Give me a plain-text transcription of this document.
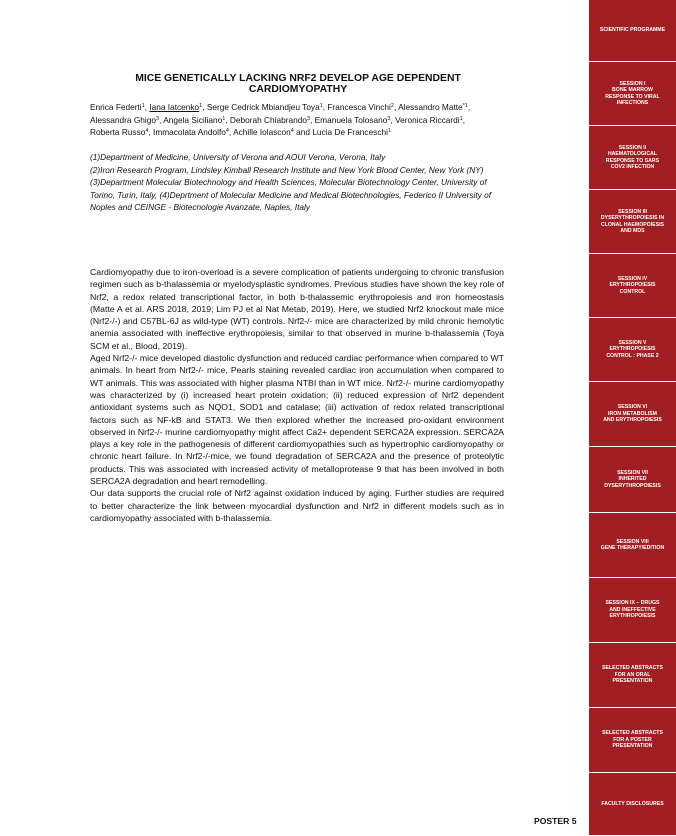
MICE GENETICALLY LACKING NRF2 DEVELOP AGE DEPENDENT CARDIOMYOPATHY
Enrica Federti$^1$, Iana Iatcenko$^1$, Serge Cedrick Mbiandjeu Toya$^1$, Francesca Vinchi$^2$, Alessandro Matte$^{*1}$, Alessandra Ghigo$^3$, Angela Siciliano$^1$, Deborah Chiabrando$^3$, Emanuela Tolosano$^3$, Veronica Riccardi$^1$, Roberta Russo$^4$, Immacolata Andolfo$^4$, Achille Iolascon$^4$ and Lucia De Franceschi$^1$

(1)Department of Medicine, University of Verona and AOUI Verona, Verona, Italy

(2)Iron Research Program, Lindsley Kimball Research Institute and New York Blood Center, New York (NY)

(3)Department Molecular Biotechnology and Health Sciences, Molecular Biotechnology Center, University of Torino, Turin, Italy, (4)Deprtment of Molecular Medicine and Medical Biotechnologies, Federico II University of Noples and CEINGE - Biotecnologie Avanzate, Naples, Italy

Cardiomyopathy due to iron-overload is a severe complication of patients undergoing to chronic transfusion regimen such as b-thalassemia or myelodysplastic syndromes. Previous studies have shown the key role of Nrf2, a redox related transcriptional factor, in both b-thalassemic erythropoiesis and iron homeostasis (Matte A et al. ARS 2018, 2019; Lim PJ et al Nat Metab, 2019). Here, we studied Nrf2 knockout male mice (Nrf2-/-) and C57BL-6J as wild-type (WT) controls. Nrf2-/- mice are characterized by mild chronic hemolytic anemia associated with ineffective erythropoiesis, similar to that observed in murine b-thalassemia (Toya SCM et al., Blood, 2019).

Aged Nrf2-/- mice developed diastolic dysfunction and reduced cardiac performance when compared to WT animals. In heart from Nrf2-/- mice, Pearls staining revealed cardiac iron accumulation when compared to WT animals. This was associated with higher plasma NTBI than in WT mice. Nrf2-/- murine cardiomyopathy was characterized by (i) increased heart protein oxidation; (ii) reduced expression of Nrf2 dependent antioxidant systems such as NQO1, SOD1 and catalase; (iii) activation of redox related transcriptional factors such as NF-kB and STAT3. We then explored whether the increased pro-oxidant environment observed in Nrf2-/- murine cardiomyopathy might affect Ca2+ dependent SERCA2A expression. SERCA2A plays a key role in the pathogenesis of different cardiomyopathies such as hypertrophic cardiomyopathy or chronic heart failure. In Nrf2-/-mice, we found degradation of SERCA2A and the presence of proteolytic products. This was associated with increased activity of metalloprotease 9 that has been involved in both SERCA2A degradation and heart remodelling.

Our data supports the crucial role of Nrf2 against oxidation induced by aging. Further studies are required to better characterize the link between myocardial dysfunction and Nrf2 in different models such as in cardiomyopathy associated with b-thalassemia.

SCIENTIFIC PROGRAMME
SESSION I
BONE MARROW
RESPONSE TO VIRAL
INFECTIONS
SESSION II
HAEMATOLOGICAL
RESPONSE TO SARS
COV2 INFECTION
SESSION III
DYSERYTHROPOIESIS IN
CLONAL HAEMOPOIESIS
AND MDS
SESSION IV
ERYTHROPOIESIS
CONTROL
SESSION V
ERYTHROPOIESIS
CONTROL : PHASE 2
SESSION VI
IRON METABOLISM
AND ERYTHROPOIESIS
SESSION VII
INHERITED
DYSERYTHROPOIESIS
SESSION VIII
GENE THERAPY/EDITION
SESSION IX – DRUGS
AND INEFFECTIVE
ERYTHROPOIESIS
SELECTED ABSTRACTS
FOR AN ORAL
PRESENTATION
SELECTED ABSTRACTS
FOR A POSTER
PRESENTATION
FACULTY DISCLOSURES
POSTER 5
